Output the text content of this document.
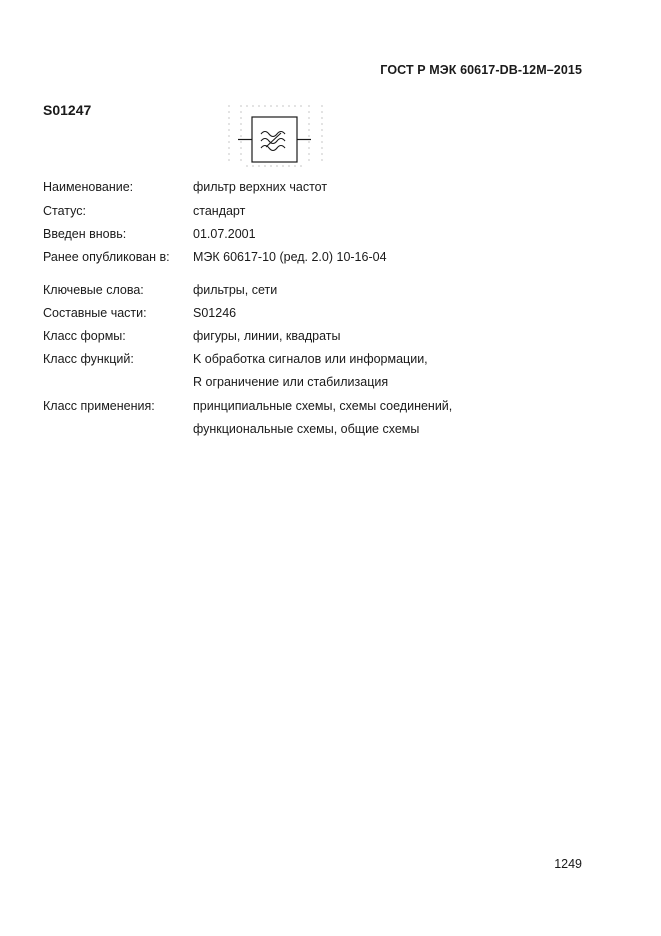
ГОСТ Р МЭК 60617-DB-12M–2015
S01247
Наименование:	фильтр верхних частот
Статус:	стандарт
Введен вновь:	01.07.2001
Ранее опубликован в: МЭК 60617-10 (ред. 2.0) 10-16-04
Ключевые слова:	фильтры, сети
Составные части:	S01246
Класс формы:	фигуры, линии, квадраты
Класс функций:	K обработка сигналов или информации,
R ограничение или стабилизация
Класс применения:	принципиальные схемы, схемы соединений,
функциональные схемы, общие схемы
1249
